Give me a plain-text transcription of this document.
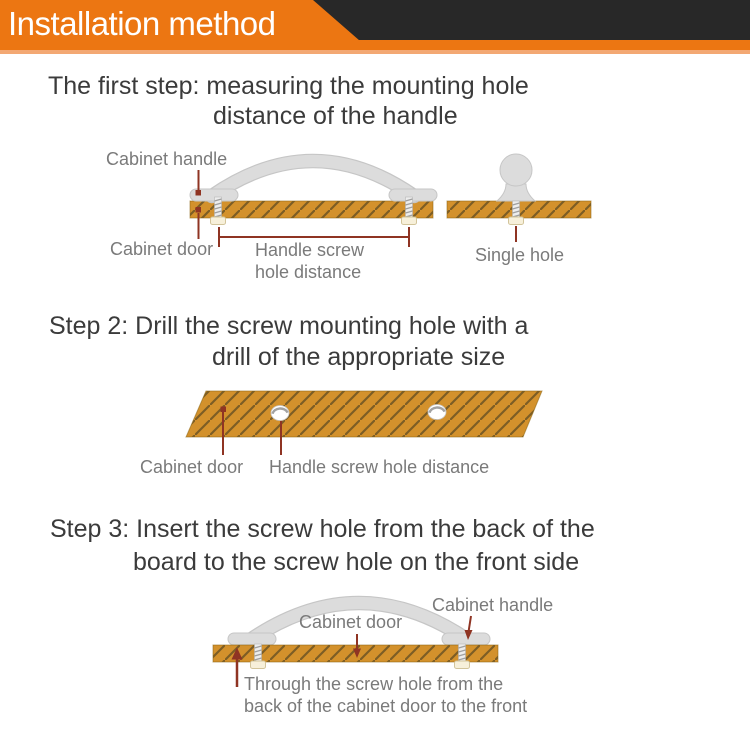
Installation method
The first step: measuring the mounting hole
distance of the handle
Step 2: Drill the screw mounting hole with a
drill of the appropriate size
Step 3: Insert the screw hole from the back of the
board to the screw hole on the front side
Cabinet handle
Cabinet door Handle screw
hole distance
Single hole
Cabinet door Handle screw hole distance
Cabinet handle
Cabinet door
Through the screw hole from the
back of the cabinet door to the front
